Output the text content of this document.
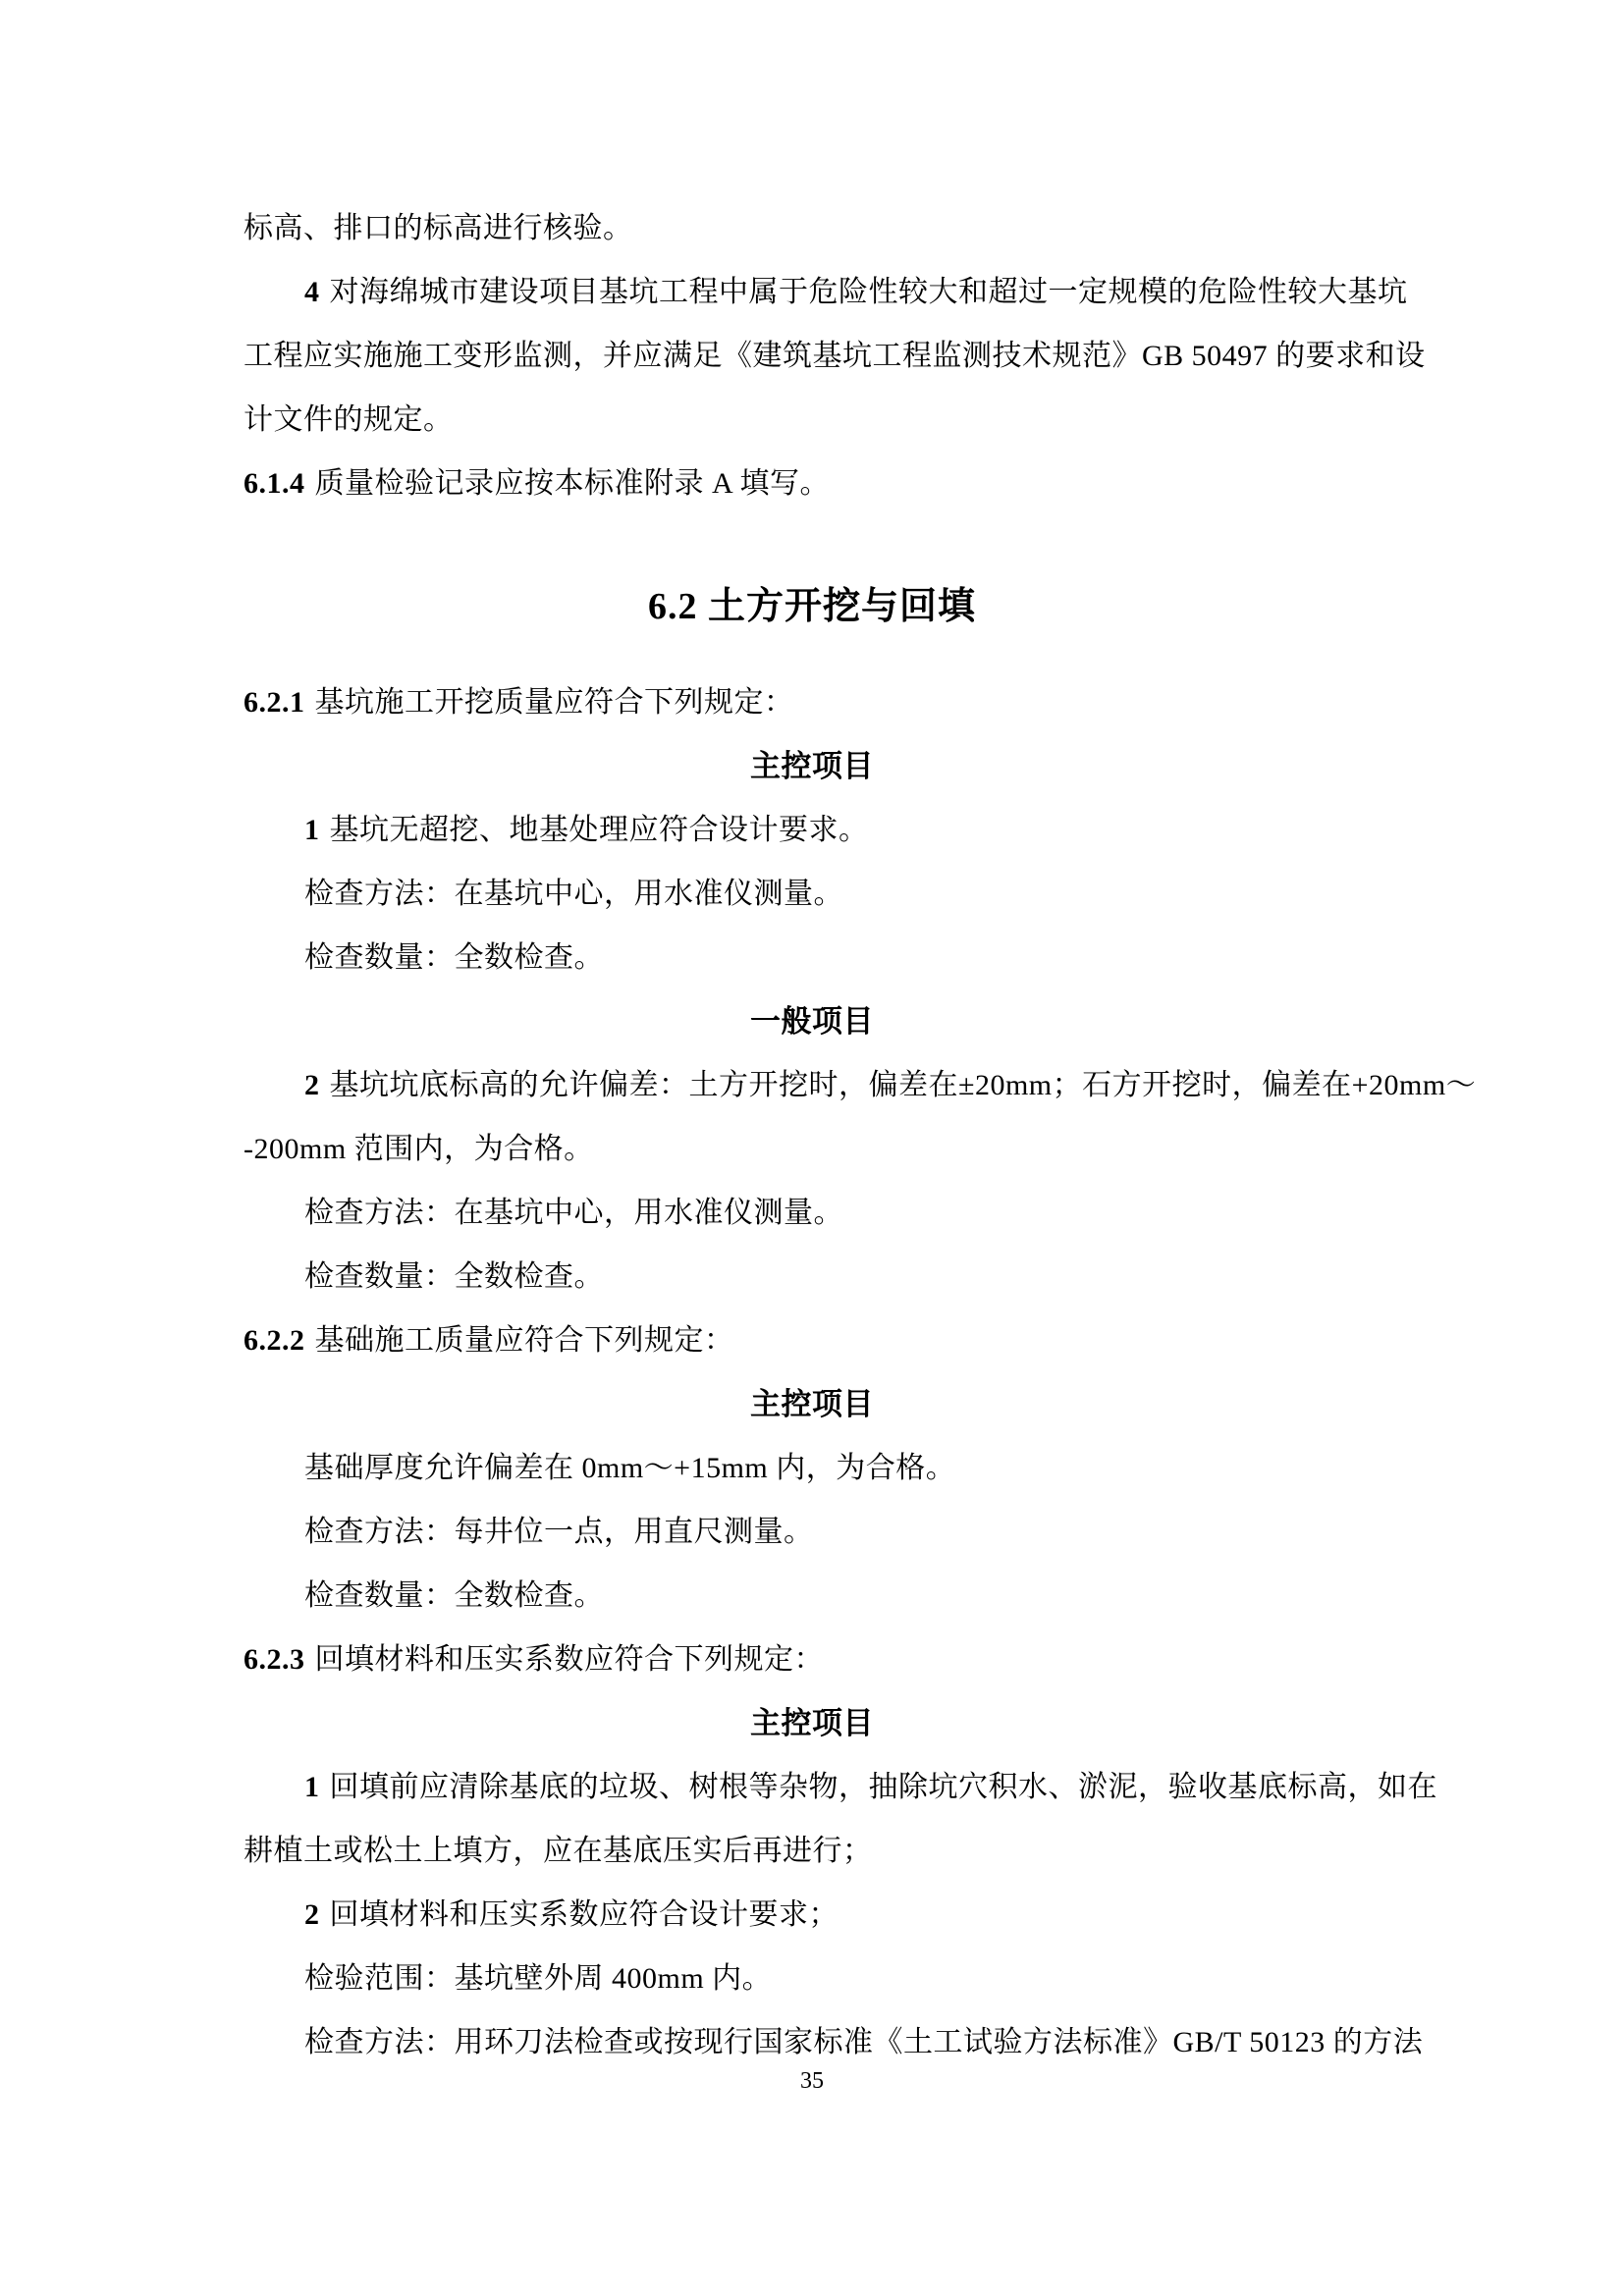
标高、排口的标高进行核验。
4 对海绵城市建设项目基坑工程中属于危险性较大和超过一定规模的危险性较大基坑
工程应实施施工变形监测，并应满足《建筑基坑工程监测技术规范》GB 50497 的要求和设
计文件的规定。
6.1.4 质量检验记录应按本标准附录 A 填写。
6.2 土方开挖与回填
6.2.1 基坑施工开挖质量应符合下列规定：
主控项目
1 基坑无超挖、地基处理应符合设计要求。
检查方法：在基坑中心，用水准仪测量。
检查数量：全数检查。
一般项目
2 基坑坑底标高的允许偏差：土方开挖时，偏差在±20mm；石方开挖时，偏差在+20mm～
-200mm 范围内，为合格。
检查方法：在基坑中心，用水准仪测量。
检查数量：全数检查。
6.2.2 基础施工质量应符合下列规定：
主控项目
基础厚度允许偏差在 0mm～+15mm 内，为合格。
检查方法：每井位一点，用直尺测量。
检查数量：全数检查。
6.2.3 回填材料和压实系数应符合下列规定：
主控项目
1 回填前应清除基底的垃圾、树根等杂物，抽除坑穴积水、淤泥，验收基底标高，如在
耕植土或松土上填方，应在基底压实后再进行；
2 回填材料和压实系数应符合设计要求；
检验范围：基坑壁外周 400mm 内。
检查方法：用环刀法检查或按现行国家标准《土工试验方法标准》GB/T 50123 的方法
35
